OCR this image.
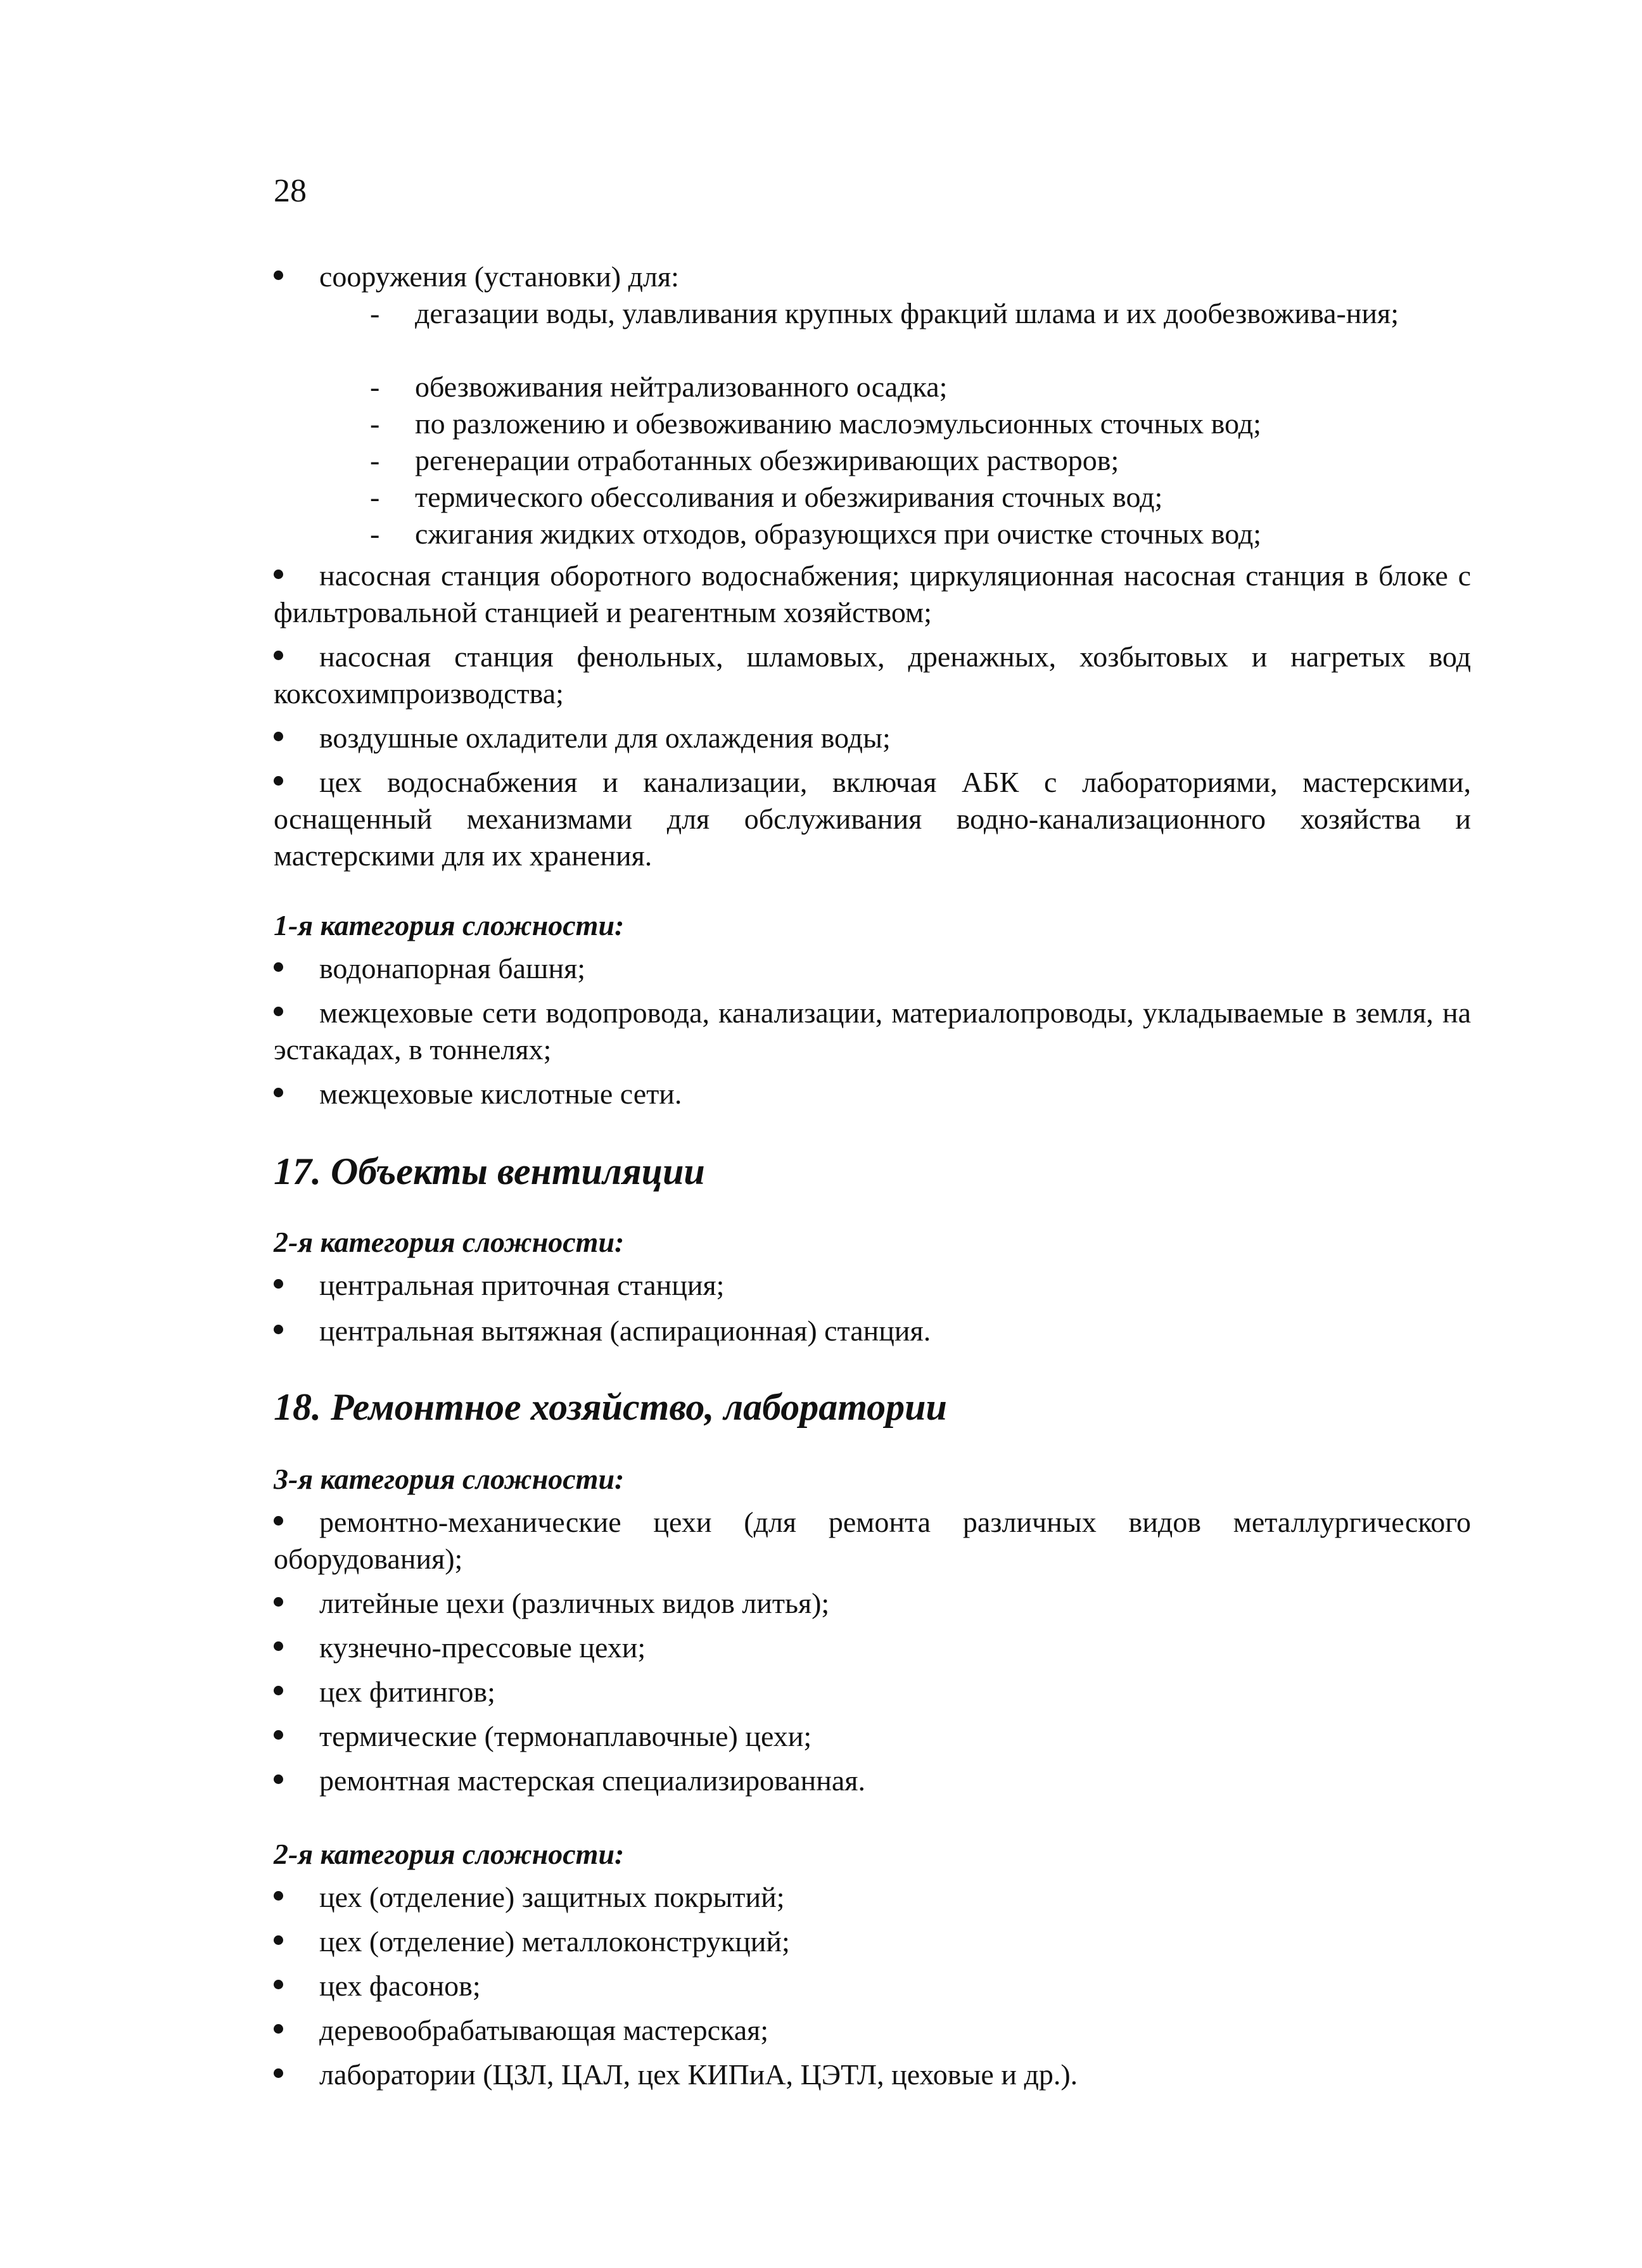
28
сооружения (установки) для:
- дегазации воды, улавливания крупных фракций шлама и их дообезвожива-ния;
- обезвоживания нейтрализованного осадка;
- по разложению и обезвоживанию маслоэмульсионных сточных вод;
- регенерации отработанных обезжиривающих растворов;
- термического обессоливания и обезжиривания сточных вод;
- сжигания жидких отходов, образующихся при очистке сточных вод;
насосная станция оборотного водоснабжения; циркуляционная насосная станция в блоке с фильтровальной станцией и реагентным хозяйством;
насосная станция фенольных, шламовых, дренажных, хозбытовых и нагретых вод коксохимпроизводства;
воздушные охладители для охлаждения воды;
цех водоснабжения и канализации, включая АБК с лабораториями, мастерскими, оснащенный механизмами для обслуживания водно-канализационного хозяйства и мастерскими для их хранения.
1-я категория сложности:
водонапорная башня;
межцеховые сети водопровода, канализации, материалопроводы, укладываемые в земля, на эстакадах, в тоннелях;
межцеховые кислотные сети.
17. Объекты вентиляции
2-я категория сложности:
центральная приточная станция;
центральная вытяжная (аспирационная) станция.
18. Ремонтное хозяйство, лаборатории
3-я категория сложности:
ремонтно-механические цехи (для ремонта различных видов металлургического оборудования);
литейные цехи (различных видов литья);
кузнечно-прессовые цехи;
цех фитингов;
термические (термонаплавочные) цехи;
ремонтная мастерская специализированная.
2-я категория сложности:
цех (отделение) защитных покрытий;
цех (отделение) металлоконструкций;
цех фасонов;
деревообрабатывающая мастерская;
лаборатории (ЦЗЛ, ЦАЛ, цех КИПиА, ЦЭТЛ, цеховые и др.).
